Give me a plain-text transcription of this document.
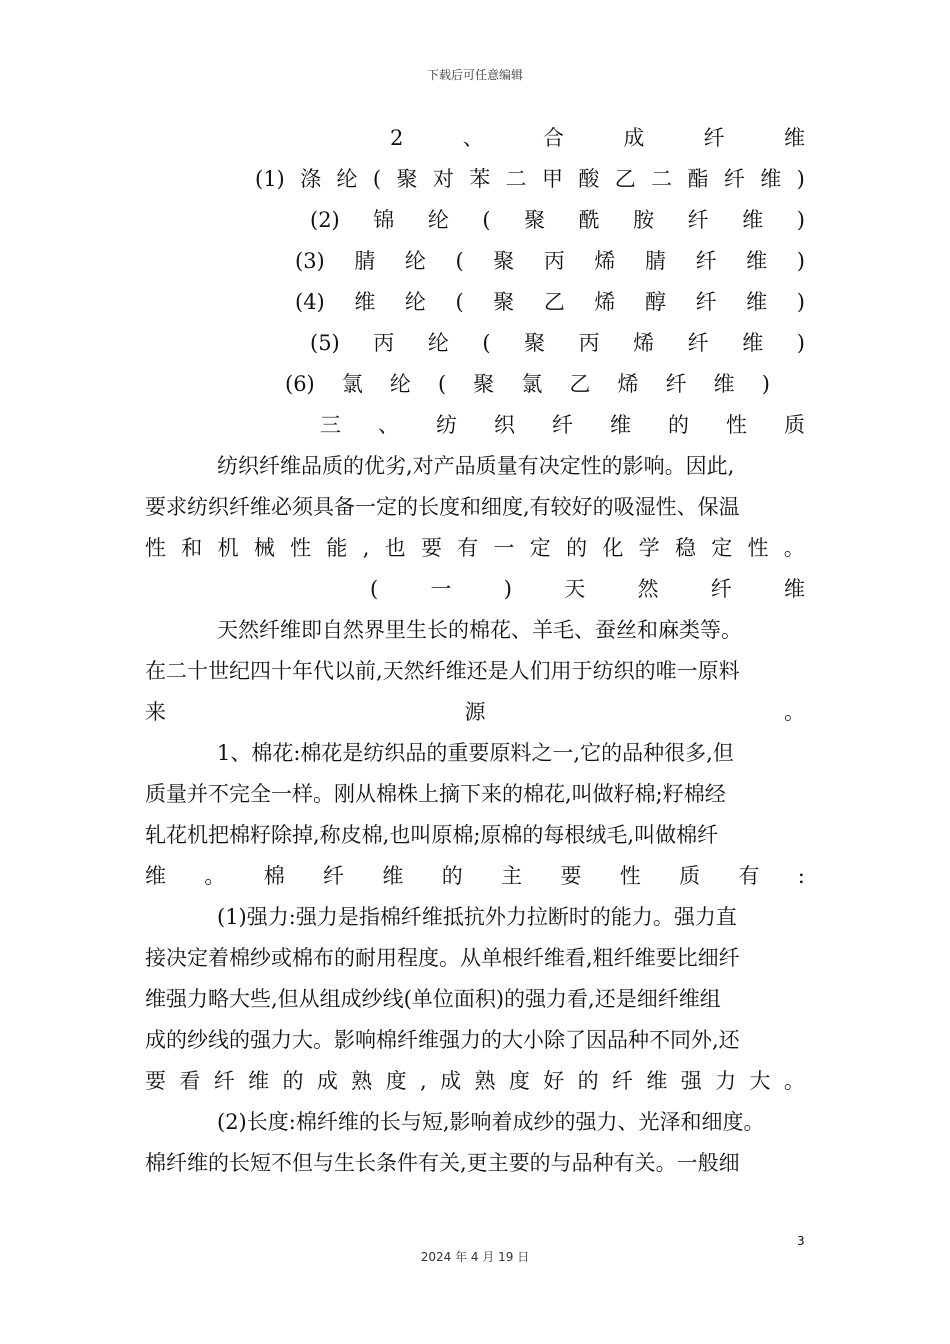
下载后可任意编辑
2	、	合	成	纤	维
(1) 涤 纶 ( 聚 对 苯 二 甲 酸 乙 二 酯 纤 维 )
(2) 锦 纶 ( 聚 酰 胺 纤 维 )
(3) 腈 纶 ( 聚 丙 烯 腈 纤 维 )
(4) 维 纶 ( 聚 乙 烯 醇 纤 维 )
(5) 丙 纶 ( 聚 丙 烯 纤 维 )
(6) 氯 纶 ( 聚 氯 乙 烯 纤 维 )
三 、 纺 织 纤 维 的 性 质
纺织纤维品质的优劣,对产品质量有决定性的影响。因此,
要求纺织纤维必须具备一定的长度和细度,有较好的吸湿性、保温
性 和 机 械 性 能 , 也 要 有 一 定 的 化 学 稳 定 性 。
( 一 ) 天 然 纤 维
天然纤维即自然界里生长的棉花、羊毛、蚕丝和麻类等。
在二十世纪四十年代以前,天然纤维还是人们用于纺织的唯一原料
来	源	。
1、棉花:棉花是纺织品的重要原料之一,它的品种很多,但
质量并不完全一样。刚从棉株上摘下来的棉花,叫做籽棉;籽棉经
轧花机把棉籽除掉,称皮棉,也叫原棉;原棉的每根绒毛,叫做棉纤
维 。 棉 纤 维 的 主 要 性 质 有 :
(1)强力:强力是指棉纤维抵抗外力拉断时的能力。强力直
接决定着棉纱或棉布的耐用程度。从单根纤维看,粗纤维要比细纤
维强力略大些,但从组成纱线(单位面积)的强力看,还是细纤维组
成的纱线的强力大。影响棉纤维强力的大小除了因品种不同外,还
要 看 纤 维 的 成 熟 度 , 成 熟 度 好 的 纤 维 强 力 大 。
(2)长度:棉纤维的长与短,影响着成纱的强力、光泽和细度。
棉纤维的长短不但与生长条件有关,更主要的与品种有关。一般细
3
2024 年 4 月 19 日
